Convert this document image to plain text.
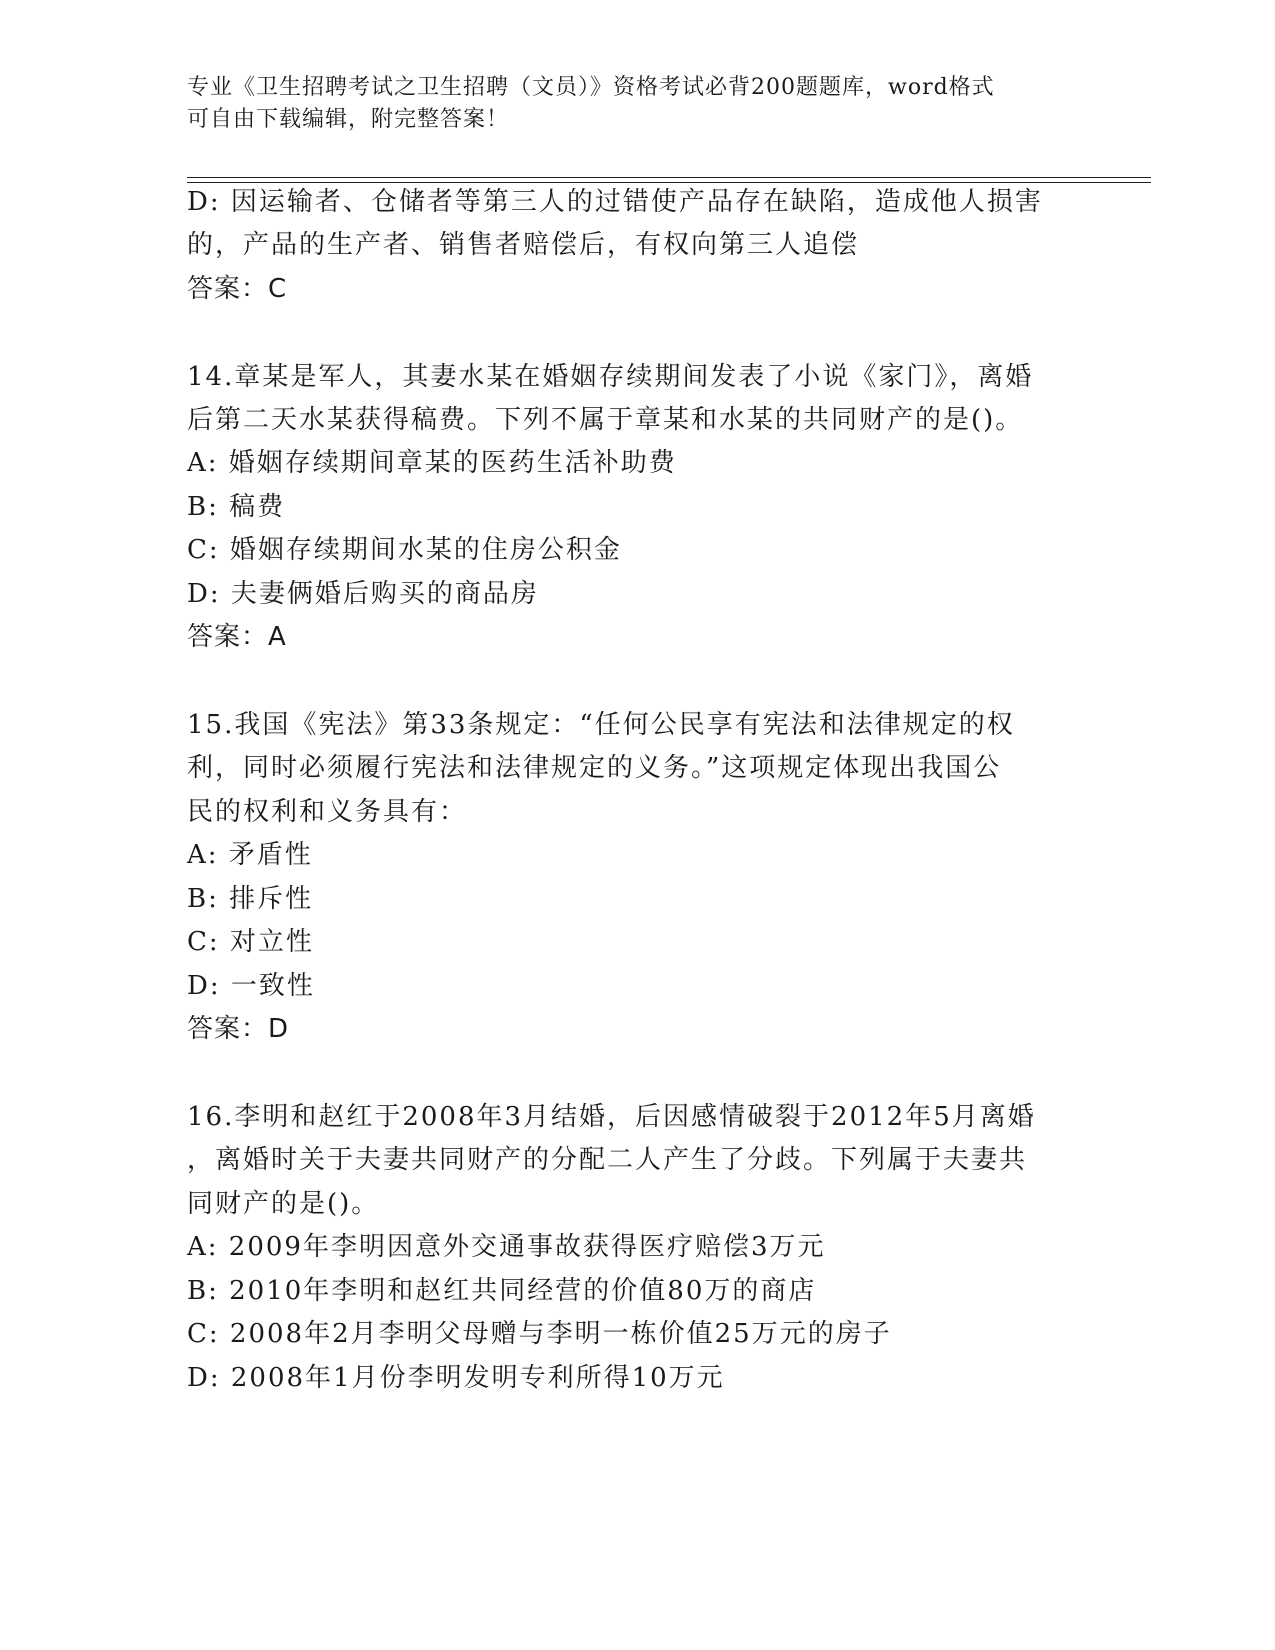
专业《卫生招聘考试之卫生招聘（文员）》资格考试必背200题题库，word格式
可自由下载编辑，附完整答案！
D: 因运输者、仓储者等第三人的过错使产品存在缺陷，造成他人损害
的，产品的生产者、销售者赔偿后，有权向第三人追偿
答案：C
14.章某是军人，其妻水某在婚姻存续期间发表了小说《家门》，离婚
后第二天水某获得稿费。下列不属于章某和水某的共同财产的是()。
A: 婚姻存续期间章某的医药生活补助费
B: 稿费
C: 婚姻存续期间水某的住房公积金
D: 夫妻俩婚后购买的商品房
答案：A
15.我国《宪法》第33条规定：“任何公民享有宪法和法律规定的权
利，同时必须履行宪法和法律规定的义务。”这项规定体现出我国公
民的权利和义务具有：
A: 矛盾性
B: 排斥性
C: 对立性
D: 一致性
答案：D
16.李明和赵红于2008年3月结婚，后因感情破裂于2012年5月离婚
，离婚时关于夫妻共同财产的分配二人产生了分歧。下列属于夫妻共
同财产的是()。
A: 2009年李明因意外交通事故获得医疗赔偿3万元
B: 2010年李明和赵红共同经营的价值80万的商店
C: 2008年2月李明父母赠与李明一栋价值25万元的房子
D: 2008年1月份李明发明专利所得10万元
